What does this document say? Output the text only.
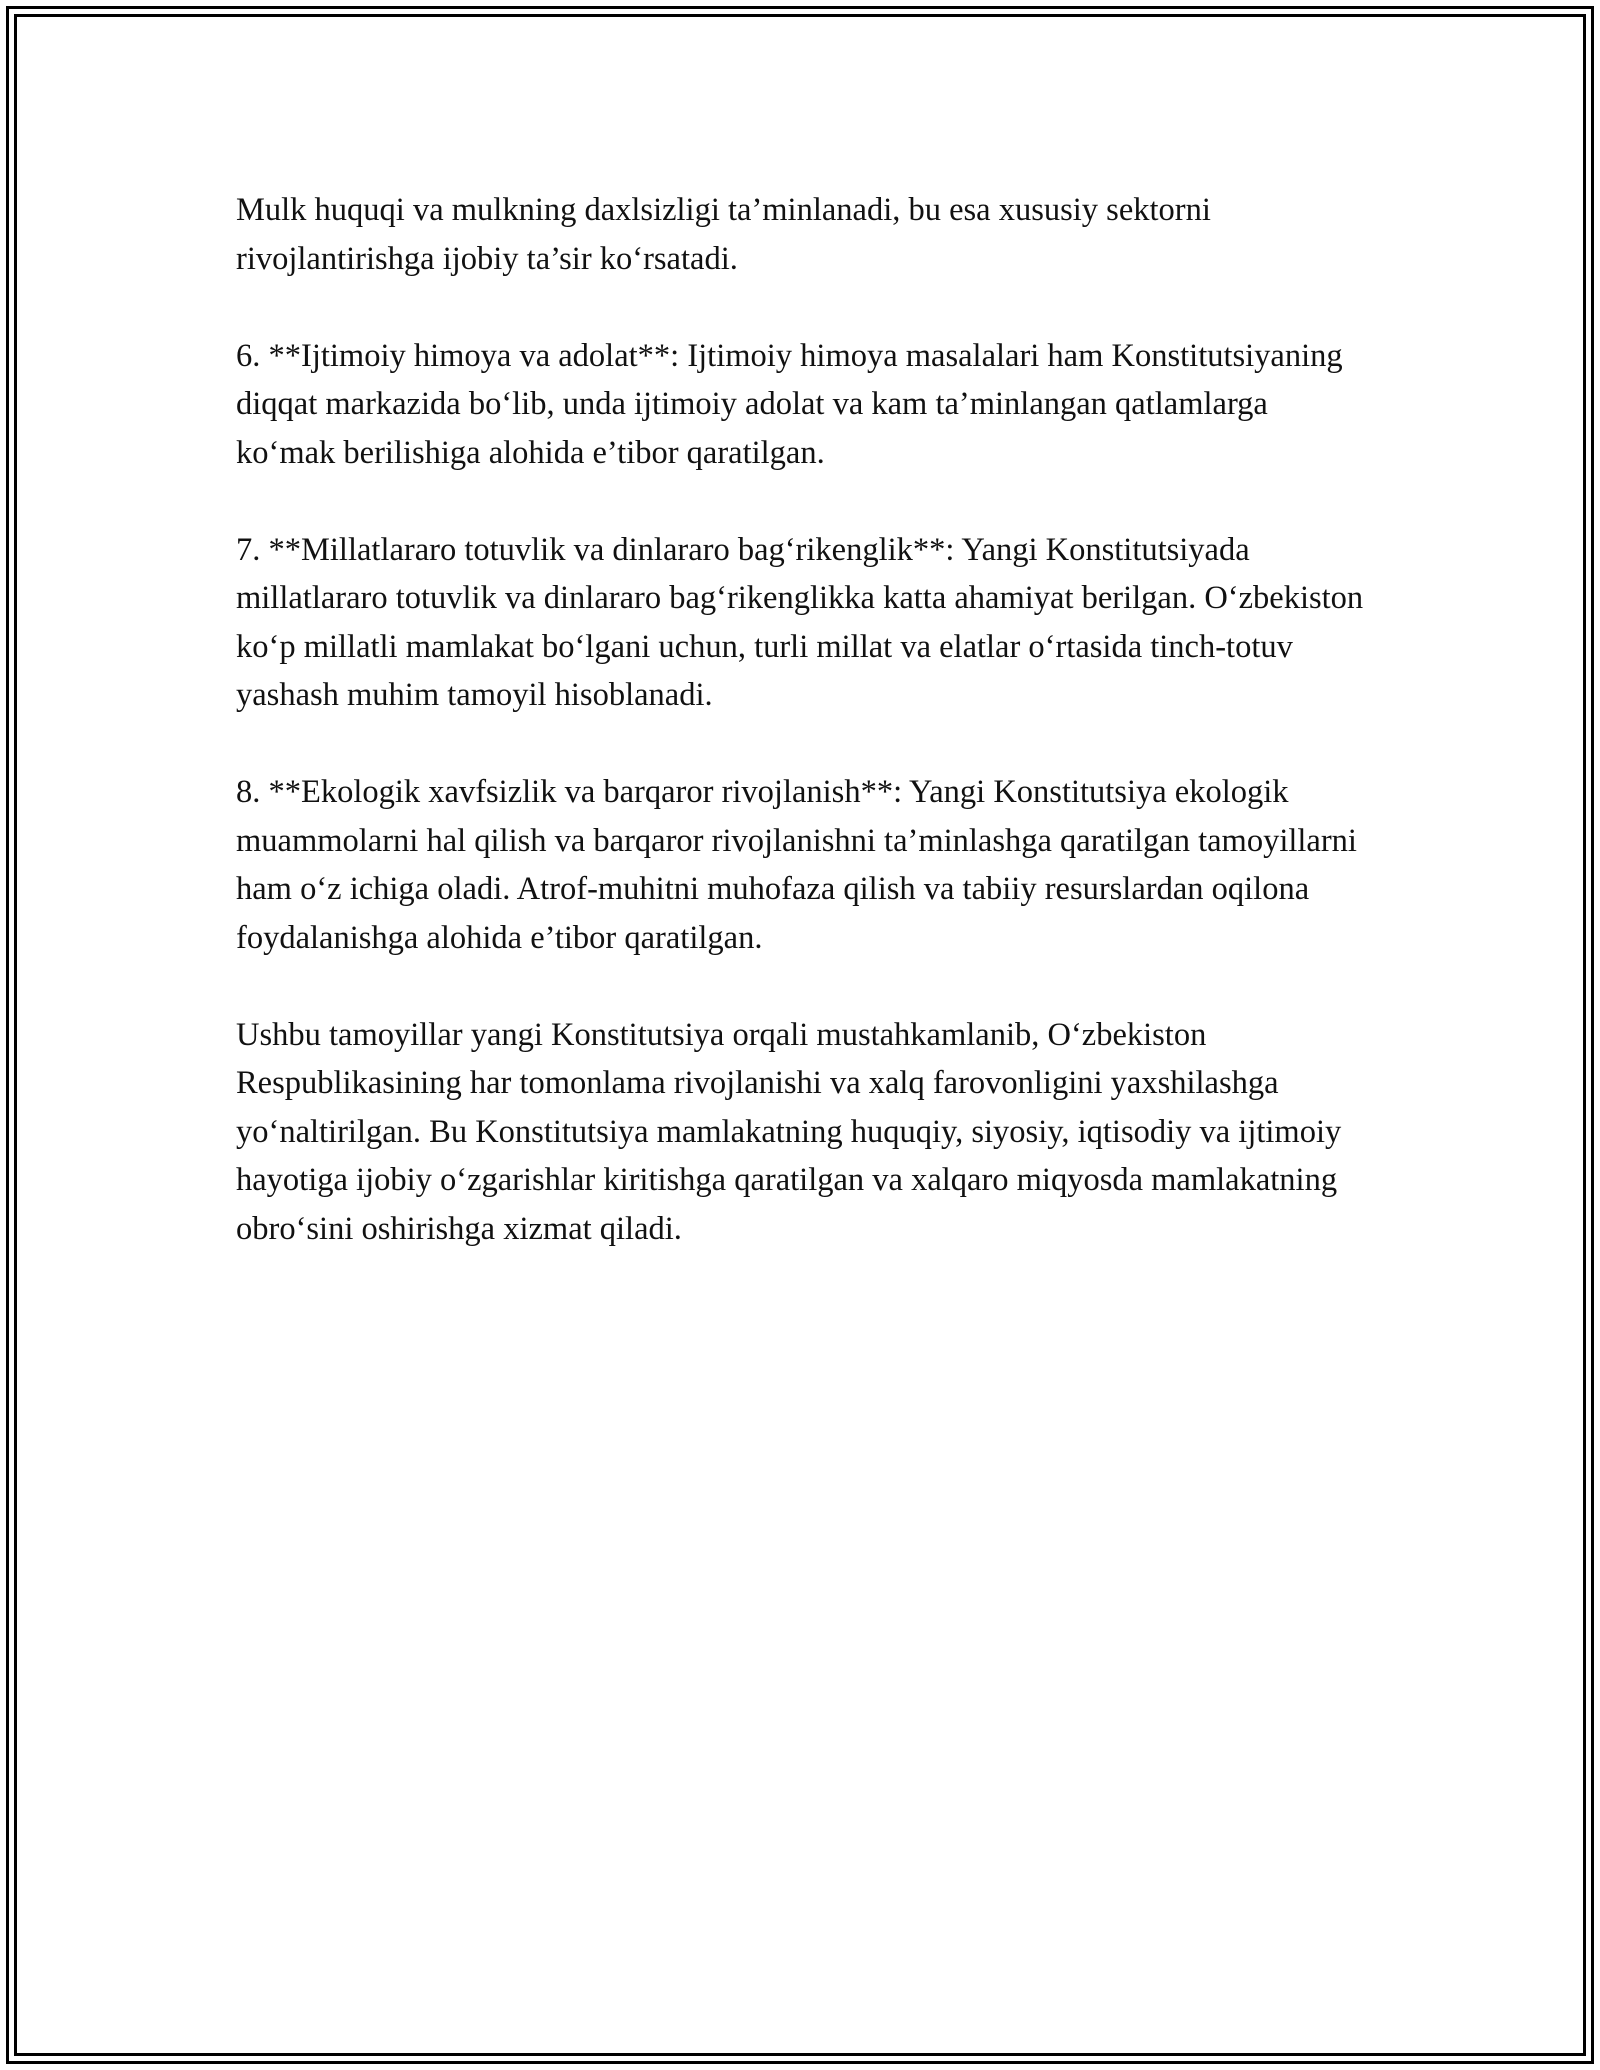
Mulk huquqi va mulkning daxlsizligi ta’minlanadi, bu esa xususiy sektorni rivojlantirishga ijobiy ta’sir ko‘rsatadi.

6. **Ijtimoiy himoya va adolat**: Ijtimoiy himoya masalalari ham Konstitutsiyaning diqqat markazida bo‘lib, unda ijtimoiy adolat va kam ta’minlangan qatlamlarga ko‘mak berilishiga alohida e’tibor qaratilgan.

7. **Millatlararo totuvlik va dinlararo bag‘rikenglik**: Yangi Konstitutsiyada millatlararo totuvlik va dinlararo bag‘rikenglikka katta ahamiyat berilgan. O‘zbekiston ko‘p millatli mamlakat bo‘lgani uchun, turli millat va elatlar o‘rtasida tinch-totuv yashash muhim tamoyil hisoblanadi.

8. **Ekologik xavfsizlik va barqaror rivojlanish**: Yangi Konstitutsiya ekologik muammolarni hal qilish va barqaror rivojlanishni ta’minlashga qaratilgan tamoyillarni ham o‘z ichiga oladi. Atrof-muhitni muhofaza qilish va tabiiy resurslardan oqilona foydalanishga alohida e’tibor qaratilgan.

Ushbu tamoyillar yangi Konstitutsiya orqali mustahkamlanib, O‘zbekiston Respublikasining har tomonlama rivojlanishi va xalq farovonligini yaxshilashga yo‘naltirilgan. Bu Konstitutsiya mamlakatning huquqiy, siyosiy, iqtisodiy va ijtimoiy hayotiga ijobiy o‘zgarishlar kiritishga qaratilgan va xalqaro miqyosda mamlakatning obro‘sini oshirishga xizmat qiladi.
